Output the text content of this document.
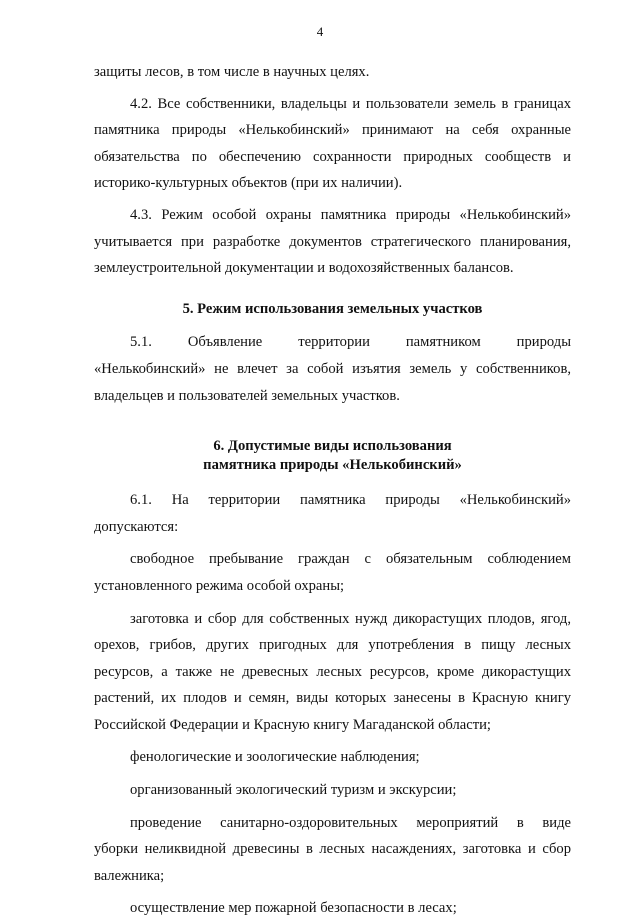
4

защиты лесов, в том числе в научных целях.

4.2. Все собственники, владельцы и пользователи земель в границах
памятника природы «Нелькобинский» принимают на себя охранные
обязательства по обеспечению сохранности природных сообществ и
историко-культурных объектов (при их наличии).

4.3. Режим особой охраны памятника природы «Нелькобинский»
учитывается при разработке документов стратегического планирования,
землеустроительной документации и водохозяйственных балансов.

5. Режим использования земельных участков

5.1. Объявление территории памятником природы
«Нелькобинский» не влечет за собой изъятия земель у собственников,
владельцев и пользователей земельных участков.

6. Допустимые виды использования
памятника природы «Нелькобинский»

6.1. На территории памятника природы «Нелькобинский»
допускаются:

свободное пребывание граждан с обязательным соблюдением
установленного режима особой охраны;

заготовка и сбор для собственных нужд дикорастущих плодов, ягод,
орехов, грибов, других пригодных для употребления в пищу лесных
ресурсов, а также не древесных лесных ресурсов, кроме дикорастущих
растений, их плодов и семян, виды которых занесены в Красную книгу
Российской Федерации и Красную книгу Магаданской области;

фенологические и зоологические наблюдения;

организованный экологический туризм и экскурсии;

проведение санитарно-оздоровительных мероприятий в виде
уборки неликвидной древесины в лесных насаждениях, заготовка и сбор
валежника;

осуществление мер пожарной безопасности в лесах;
